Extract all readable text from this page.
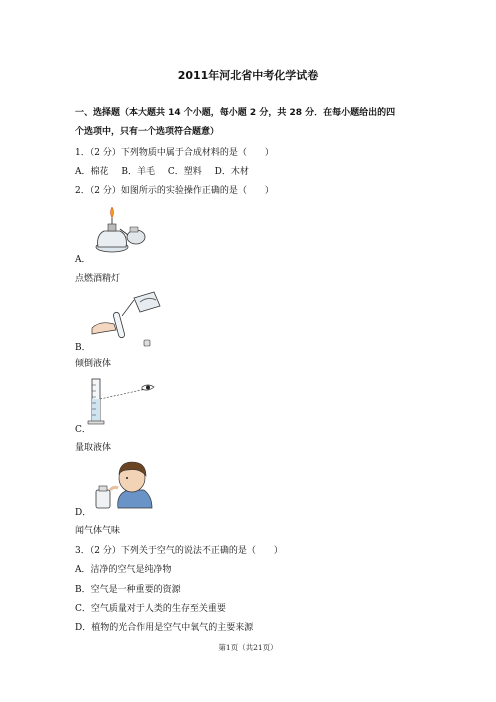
2011年河北省中考化学试卷
一、选择题（本大题共 14 个小题，每小题 2 分，共 28 分．在每小题给出的四
个选项中，只有一个选项符合题意）
1．（2 分）下列物质中属于合成材料的是（　　）
A．棉花 B．羊毛 C．塑料 D．木材
2．（2 分）如图所示的实验操作正确的是（　　）
A．
点燃酒精灯
B．
倾倒液体
C．
量取液体
D．
闻气体气味
3．（2 分）下列关于空气的说法不正确的是（　　）
A．洁净的空气是纯净物
B．空气是一种重要的资源
C．空气质量对于人类的生存至关重要
D．植物的光合作用是空气中氧气的主要来源
第1页（共21页）
